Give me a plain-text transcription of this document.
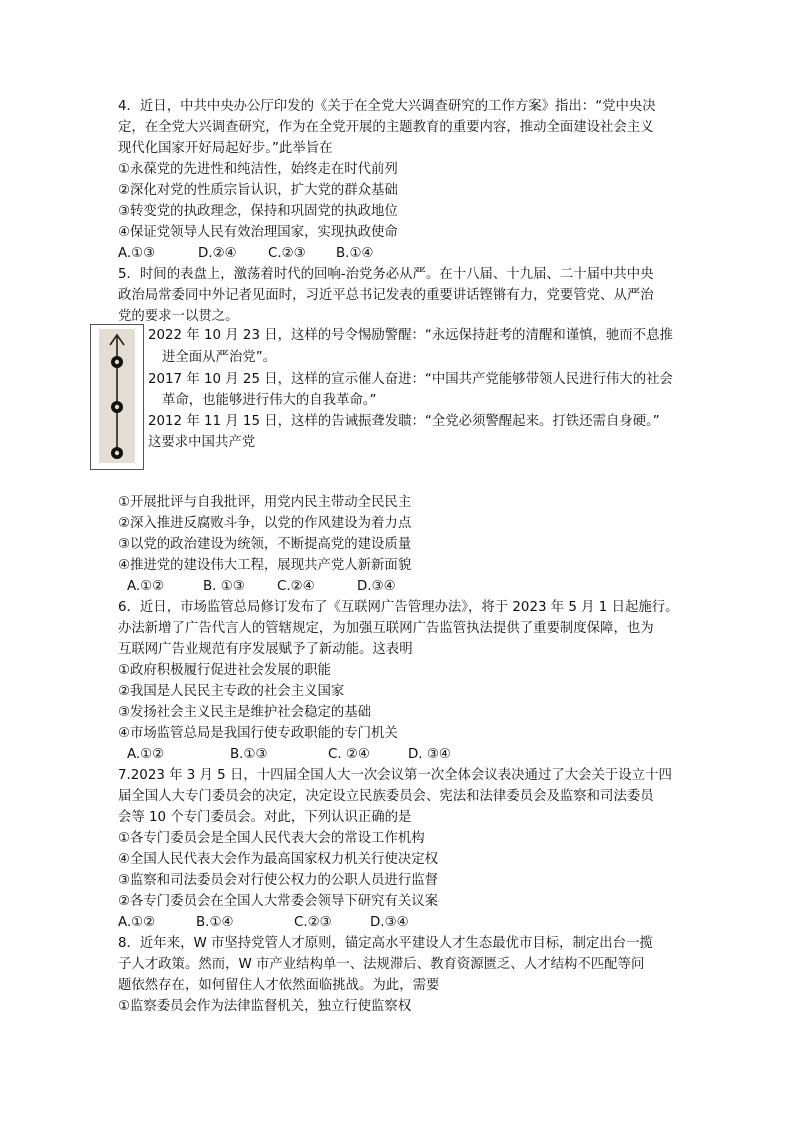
4．近日，中共中央办公厅印发的《关于在全党大兴调查研究的工作方案》指出：“党中央决
定，在全党大兴调查研究，作为在全党开展的主题教育的重要内容，推动全面建设社会主义
现代化国家开好局起好步。”此举旨在
①永葆党的先进性和纯洁性，始终走在时代前列
②深化对党的性质宗旨认识，扩大党的群众基础
③转变党的执政理念，保持和巩固党的执政地位
④保证党领导人民有效治理国家，实现执政使命
A.①③	D.②④ C.②③ B.①④
5．时间的表盘上，激荡着时代的回响-治党务必从严。在十八届、十九届、二十届中共中央
政治局常委同中外记者见面时，习近平总书记发表的重要讲话铿锵有力，党要管党、从严治
党的要求一以贯之。
2022 年 10 月 23 日，这样的号令惕励警醒：“永远保持赶考的清醒和谨慎，驰而不息推
进全面从严治党”。
2017 年 10 月 25 日，这样的宣示催人奋进：“中国共产党能够带领人民进行伟大的社会
革命，也能够进行伟大的自我革命。”
2012 年 11 月 15 日，这样的告诫振聋发聩：“全党必须警醒起来。打铁还需自身硬。”
这要求中国共产党
①开展批评与自我批评，用党内民主带动全民民主
②深入推进反腐败斗争，以党的作风建设为着力点
③以党的政治建设为统领，不断提高党的建设质量
④推进党的建设伟大工程，展现共产党人新新面貌
A.①②	B. ①③ C.②④	D.③④
6．近日，市场监管总局修订发布了《互联网广告管理办法》，将于 2023 年 5 月 1 日起施行。
办法新增了广告代言人的管辖规定，为加强互联网广告监管执法提供了重要制度保障，也为
互联网广告业规范有序发展赋予了新动能。这表明
①政府积极履行促进社会发展的职能
②我国是人民民主专政的社会主义国家
③发扬社会主义民主是维护社会稳定的基础
④市场监管总局是我国行使专政职能的专门机关
A.①②	B.①③	C. ②④	D. ③④
7.2023 年 3 月 5 日，十四届全国人大一次会议第一次全体会议表决通过了大会关于设立十四
届全国人大专门委员会的决定，决定设立民族委员会、宪法和法律委员会及监察和司法委员
会等 10 个专门委员会。对此，下列认识正确的是
①各专门委员会是全国人民代表大会的常设工作机构
④全国人民代表大会作为最高国家权力机关行使决定权
③监察和司法委员会对行使公权力的公职人员进行监督
②各专门委员会在全国人大常委会领导下研究有关议案
A.①②	B.①④	C.②③	D.③④
8．近年来，W 市坚持党管人才原则，锚定高水平建设人才生态最优市目标，制定出台一揽
子人才政策。然而，W 市产业结构单一、法规滞后、教育资源匮乏、人才结构不匹配等问
题依然存在，如何留住人才依然面临挑战。为此，需要
①监察委员会作为法律监督机关，独立行使监察权
